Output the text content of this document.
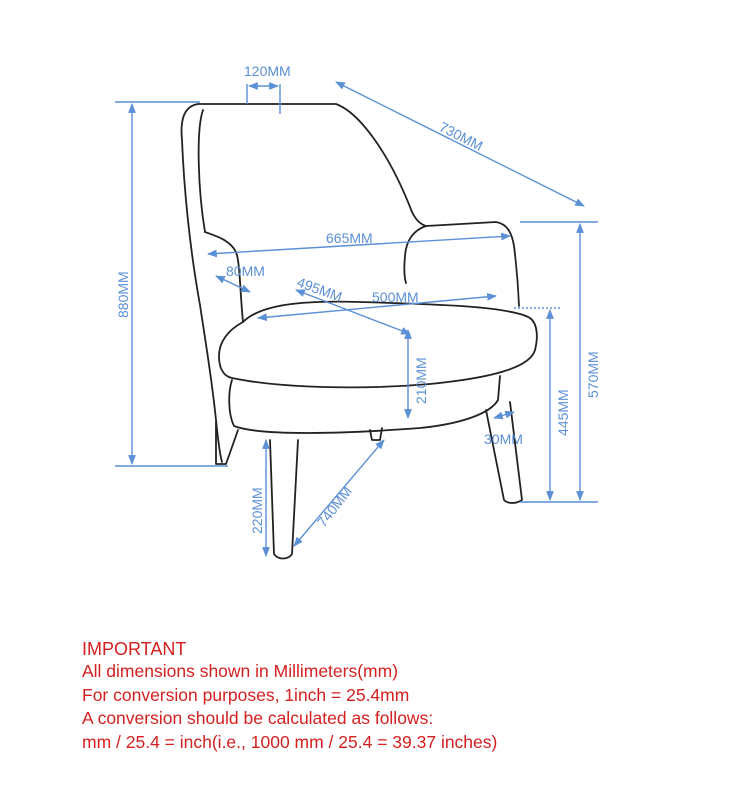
120MM
730MM
665MM
80MM
495MM 500MM
880MM
570MM
445MM
210MM
30MM
220MM	740MM

IMPORTANT

All dimensions shown in Millimeters(mm)

For conversion purposes, 1inch = 25.4mm

A conversion should be calculated as follows:

mm / 25.4 = inch(i.e., 1000 mm / 25.4 = 39.37 inches)
